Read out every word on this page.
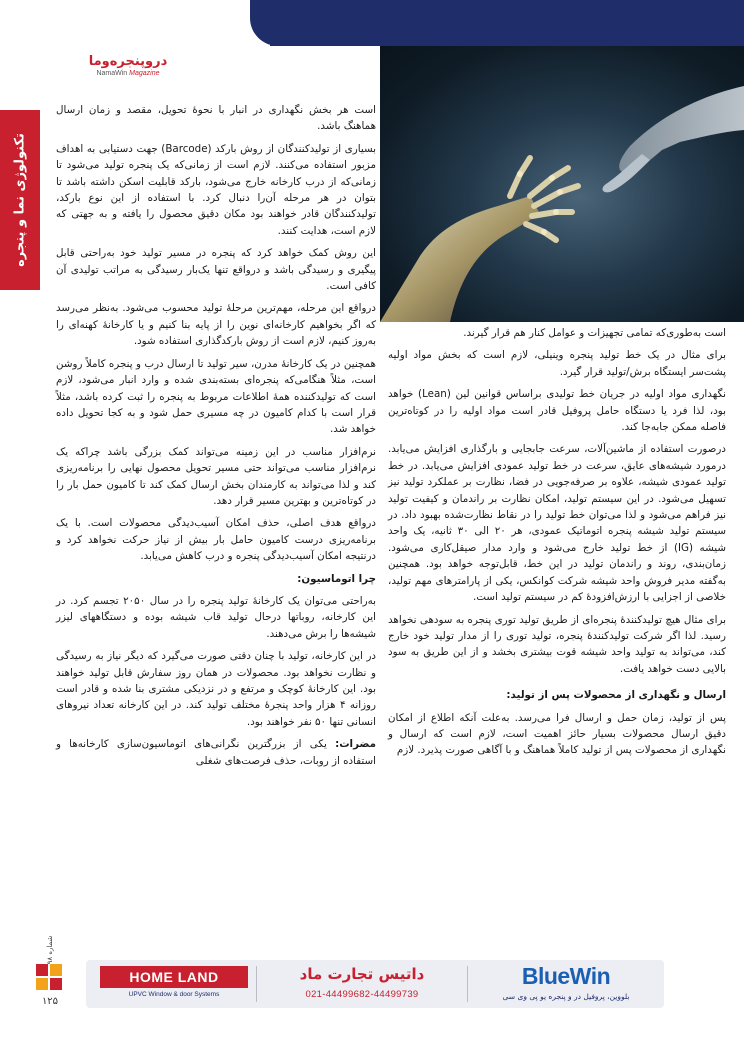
دروپنجره‌وما
NamaWin Magazine
تکنولوژی نما و پنجره

است به‌طوری‌که تمامی تجهیزات و عوامل کنار هم قرار گیرند.

برای مثال در یک خط تولید پنجره وینیلی، لازم است که بخش مواد اولیه پشت‌سر ایستگاه برش/تولید قرار گیرد.

نگهداری مواد اولیه در جریان خط تولیدی براساس قوانین لین (Lean) خواهد بود، لذا فرد یا دستگاه حامل پروفیل قادر است مواد اولیه را در کوتاه‌ترین فاصله ممکن جابه‌جا کند.

درصورت استفاده از ماشین‌آلات، سرعت جابجایی و بارگذاری افزایش می‌یابد. درمورد شیشه‌های عایق، سرعت در خط تولید عمودی افزایش می‌یابد. در خط تولید عمودی شیشه، علاوه بر صرفه‌جویی در فضا، نظارت بر عملکرد تولید نیز تسهیل می‌شود. در این سیستم تولید، امکان نظارت بر راندمان و کیفیت تولید نیز فراهم می‌شود و لذا می‌توان خط تولید را در نقاط نظارت‌شده بهبود داد. در سیستم تولید شیشه پنجره اتوماتیک عمودی، هر ۲۰ الی ۳۰ ثانیه، یک واحد شیشه (IG) از خط تولید خارج می‌شود و وارد مدار صیقل‌کاری می‌شود. زمان‌بندی، روند و راندمان تولید در این خط، قابل‌توجه خواهد بود. همچنین به‌گفته مدیر فروش واحد شیشه شرکت کوانکس، یکی از پارامترهای مهم تولید، خلاصی از اجزایی با ارزش‌افزودۀ کم در سیستم تولید است.

برای مثال هیچ تولیدکنندۀ پنجره‌ای از طریق تولید توری پنجره به سودهی نخواهد رسید. لذا اگر شرکت تولیدکنندۀ پنجره، تولید توری را از مدار تولید خود خارج کند، می‌تواند به تولید واحد شیشه قوت بیشتری بخشد و از این طریق به سود بالایی دست خواهد یافت.

ارسال و نگهداری از محصولات پس از تولید:

پس از تولید، زمان حمل و ارسال فرا می‌رسد. به‌علت آنکه اطلاع از امکان دقیق ارسال محصولات بسیار حائز اهمیت است، لازم است که ارسال و نگهداری از محصولات پس از تولید کاملاً هماهنگ و با آگاهی صورت پذیرد. لازم

است هر بخش نگهداری در انبار با نحوۀ تحویل، مقصد و زمان ارسال هماهنگ باشد.

بسیاری از تولیدکنندگان از روش بارکد (Barcode) جهت دستیابی به اهداف مزبور استفاده می‌کنند. لازم است از زمانی‌که یک پنجره تولید می‌شود تا زمانی‌که از درب کارخانه خارج می‌شود، بارکد قابلیت اسکن داشته باشد تا بتوان در هر مرحله آن‌را دنبال کرد. با استفاده از این نوع بارکد، تولیدکنندگان قادر خواهند بود مکان دقیق محصول را یافته و به جهتی که لازم است، هدایت کنند.

این روش کمک خواهد کرد که پنجره در مسیر تولید خود به‌راحتی قابل پیگیری و رسیدگی باشد و درواقع تنها یک‌بار رسیدگی به مراتب تولیدی آن کافی است.

درواقع این مرحله، مهم‌ترین مرحلۀ تولید محسوب می‌شود. به‌نظر می‌رسد که اگر بخواهیم کارخانه‌ای نوین را از پایه بنا کنیم و یا کارخانۀ کهنه‌ای را به‌روز کنیم، لازم است از روش بارکدگذاری استفاده شود.

همچنین در یک کارخانۀ مدرن، سیر تولید تا ارسال درب و پنجره کاملاً روشن است، مثلاً هنگامی‌که پنجره‌ای بسته‌بندی شده و وارد انبار می‌شود، لازم است که تولیدکننده همۀ اطلاعات مربوط به پنجره را ثبت کرده باشد، مثلاً قرار است با کدام کامیون در چه مسیری حمل شود و به کجا تحویل داده خواهد شد.

نرم‌افزار مناسب در این زمینه می‌تواند کمک بزرگی باشد چراکه یک نرم‌افزار مناسب می‌تواند حتی مسیر تحویل محصول نهایی را برنامه‌ریزی کند و لذا می‌تواند به کارمندان بخش ارسال کمک کند تا کامیون حمل بار را در کوتاه‌ترین و بهترین مسیر قرار دهد.

درواقع هدف اصلی، حذف امکان آسیب‌دیدگی محصولات است. با یک برنامه‌ریزی درست کامیون حامل بار بیش از نیاز حرکت نخواهد کرد و درنتیجه امکان آسیب‌دیدگی پنجره و درب کاهش می‌یابد.

چرا اتوماسیون:

به‌راحتی می‌توان یک کارخانۀ تولید پنجره را در سال ۲۰۵۰ تجسم کرد. در این کارخانه، روباتها درحال تولید قاب شیشه بوده و دستگاههای لیزر شیشه‌ها را برش می‌دهند.

در این کارخانه، تولید با چنان دقتی صورت می‌گیرد که دیگر نیاز به رسیدگی و نظارت نخواهد بود. محصولات در همان روز سفارش قابل تولید خواهند بود. این کارخانۀ کوچک و مرتفع و در نزدیکی مشتری بنا شده و قادر است روزانه ۴ هزار واحد پنجرۀ مختلف تولید کند. در این کارخانه تعداد نیروهای انسانی تنها ۵۰ نفر خواهند بود.

مضرات: یکی از بزرگترین نگرانی‌های اتوماسیون‌سازی کارخانه‌ها و استفاده از روبات، حذف فرصت‌های شغلی

شماره ۹۸
۱۲۵
HOME LAND
UPVC Window & door Systems
داتیس تجارت ماد
021-44499682-44499739
BlueWin
بلووین، پروفیل در و پنجره یو پی وی سی
